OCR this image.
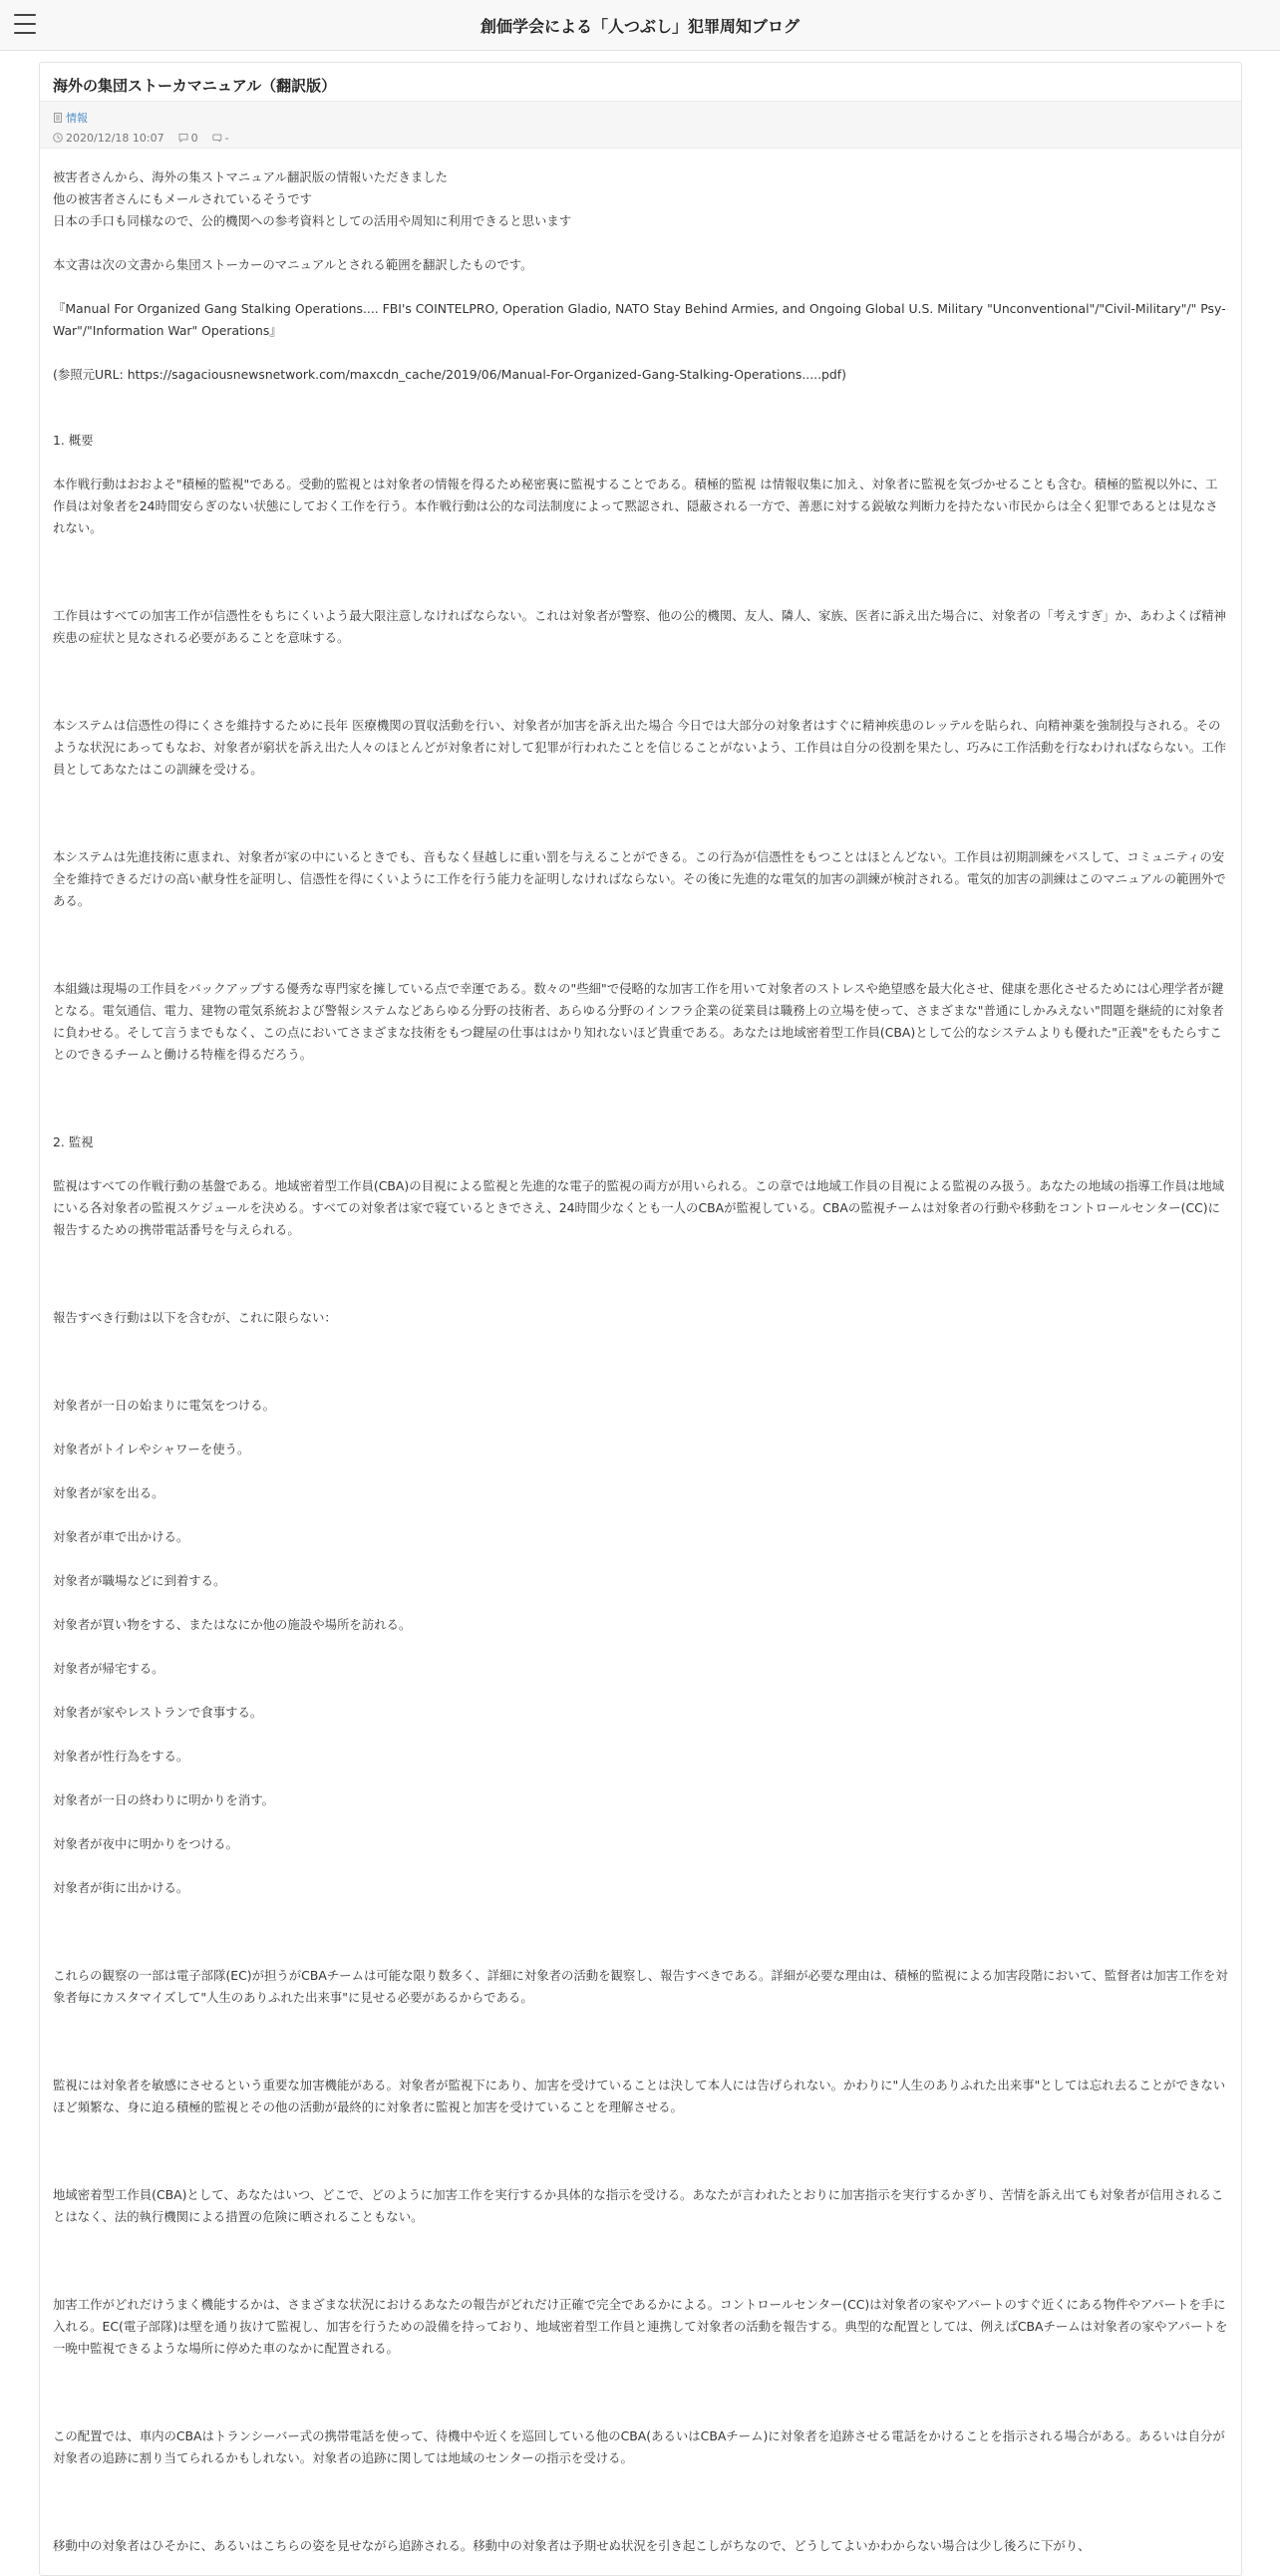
創価学会による「人つぶし」犯罪周知ブログ
海外の集団ストーカマニュアル（翻訳版）
情報
2020/12/18 10:07 0 -

被害者さんから、海外の集ストマニュアル翻訳版の情報いただきました

他の被害者さんにもメールされているそうです

日本の手口も同様なので、公的機関への参考資料としての活用や周知に利用できると思います

本文書は次の文書から集団ストーカーのマニュアルとされる範囲を翻訳したものです。

『Manual For Organized Gang Stalking Operations.... FBI's COINTELPRO, Operation Gladio, NATO Stay Behind Armies, and Ongoing Global U.S. Military "Unconventional"/"Civil-Military"/" Psy-War"/"Information War" Operations』

(参照元URL: https://sagaciousnewsnetwork.com/maxcdn_cache/2019/06/Manual-For-Organized-Gang-Stalking-Operations.....pdf)

1. 概要

本作戦行動はおおよそ"積極的監視"である。受動的監視とは対象者の情報を得るため秘密裏に監視することである。積極的監視 は情報収集に加え、対象者に監視を気づかせることも含む。積極的監視以外に、工作員は対象者を24時間安らぎのない状態にしておく工作を行う。本作戦行動は公的な司法制度によって黙認され、隠蔽される一方で、善悪に対する鋭敏な判断力を持たない市民からは全く犯罪であるとは見なされない。

工作員はすべての加害工作が信憑性をもちにくいよう最大限注意しなければならない。これは対象者が警察、他の公的機関、友人、隣人、家族、医者に訴え出た場合に、対象者の「考えすぎ」か、あわよくば精神疾患の症状と見なされる必要があることを意味する。

本システムは信憑性の得にくさを維持するために長年 医療機関の買収活動を行い、対象者が加害を訴え出た場合 今日では大部分の対象者はすぐに精神疾患のレッテルを貼られ、向精神薬を強制投与される。そのような状況にあってもなお、対象者が窮状を訴え出た人々のほとんどが対象者に対して犯罪が行われたことを信じることがないよう、工作員は自分の役割を果たし、巧みに工作活動を行なわければならない。工作員としてあなたはこの訓練を受ける。

本システムは先進技術に恵まれ、対象者が家の中にいるときでも、音もなく昼越しに重い罰を与えることができる。この行為が信憑性をもつことはほとんどない。工作員は初期訓練をパスして、コミュニティの安全を維持できるだけの高い献身性を証明し、信憑性を得にくいように工作を行う能力を証明しなければならない。その後に先進的な電気的加害の訓練が検討される。電気的加害の訓練はこのマニュアルの範囲外である。

本組織は現場の工作員をバックアップする優秀な専門家を擁している点で幸運である。数々の"些細"で侵略的な加害工作を用いて対象者のストレスや絶望感を最大化させ、健康を悪化させるためには心理学者が鍵となる。電気通信、電力、建物の電気系統および警報システムなどあらゆる分野の技術者、あらゆる分野のインフラ企業の従業員は職務上の立場を使って、さまざまな"普通にしかみえない"問題を継続的に対象者に負わせる。そして言うまでもなく、この点においてさまざまな技術をもつ鍵屋の仕事ははかり知れないほど貴重である。あなたは地域密着型工作員(CBA)として公的なシステムよりも優れた"正義"をもたらすことのできるチームと働ける特権を得るだろう。

2. 監視

監視はすべての作戦行動の基盤である。地域密着型工作員(CBA)の目視による監視と先進的な電子的監視の両方が用いられる。この章では地域工作員の目視による監視のみ扱う。あなたの地域の指導工作員は地域にいる各対象者の監視スケジュールを決める。すべての対象者は家で寝ているときでさえ、24時間少なくとも一人のCBAが監視している。CBAの監視チームは対象者の行動や移動をコントロールセンター(CC)に報告するための携帯電話番号を与えられる。

報告すべき行動は以下を含むが、これに限らない：

対象者が一日の始まりに電気をつける。

対象者がトイレやシャワーを使う。

対象者が家を出る。

対象者が車で出かける。

対象者が職場などに到着する。

対象者が買い物をする、またはなにか他の施設や場所を訪れる。

対象者が帰宅する。

対象者が家やレストランで食事する。

対象者が性行為をする。

対象者が一日の終わりに明かりを消す。

対象者が夜中に明かりをつける。

対象者が街に出かける。

これらの観察の一部は電子部隊(EC)が担うがCBAチームは可能な限り数多く、詳細に対象者の活動を観察し、報告すべきである。詳細が必要な理由は、積極的監視による加害段階において、監督者は加害工作を対象者毎にカスタマイズして"人生のありふれた出来事"に見せる必要があるからである。

監視には対象者を敏感にさせるという重要な加害機能がある。対象者が監視下にあり、加害を受けていることは決して本人には告げられない。かわりに"人生のありふれた出来事"としては忘れ去ることができないほど頻繁な、身に迫る積極的監視とその他の活動が最終的に対象者に監視と加害を受けていることを理解させる。

地域密着型工作員(CBA)として、あなたはいつ、どこで、どのように加害工作を実行するか具体的な指示を受ける。あなたが言われたとおりに加害指示を実行するかぎり、苦情を訴え出ても対象者が信用されることはなく、法的執行機関による措置の危険に晒されることもない。

加害工作がどれだけうまく機能するかは、さまざまな状況におけるあなたの報告がどれだけ正確で完全であるかによる。コントロールセンター(CC)は対象者の家やアパートのすぐ近くにある物件やアパートを手に入れる。EC(電子部隊)は壁を通り抜けて監視し、加害を行うための設備を持っており、地域密着型工作員と連携して対象者の活動を報告する。典型的な配置としては、例えばCBAチームは対象者の家やアパートを一晩中監視できるような場所に停めた車のなかに配置される。

この配置では、車内のCBAはトランシーバー式の携帯電話を使って、待機中や近くを巡回している他のCBA(あるいはCBAチーム)に対象者を追跡させる電話をかけることを指示される場合がある。あるいは自分が対象者の追跡に割り当てられるかもしれない。対象者の追跡に関しては地域のセンターの指示を受ける。

移動中の対象者はひそかに、あるいはこちらの姿を見せながら追跡される。移動中の対象者は予期せぬ状況を引き起こしがちなので、どうしてよいかわからない場合は少し後ろに下がり、
